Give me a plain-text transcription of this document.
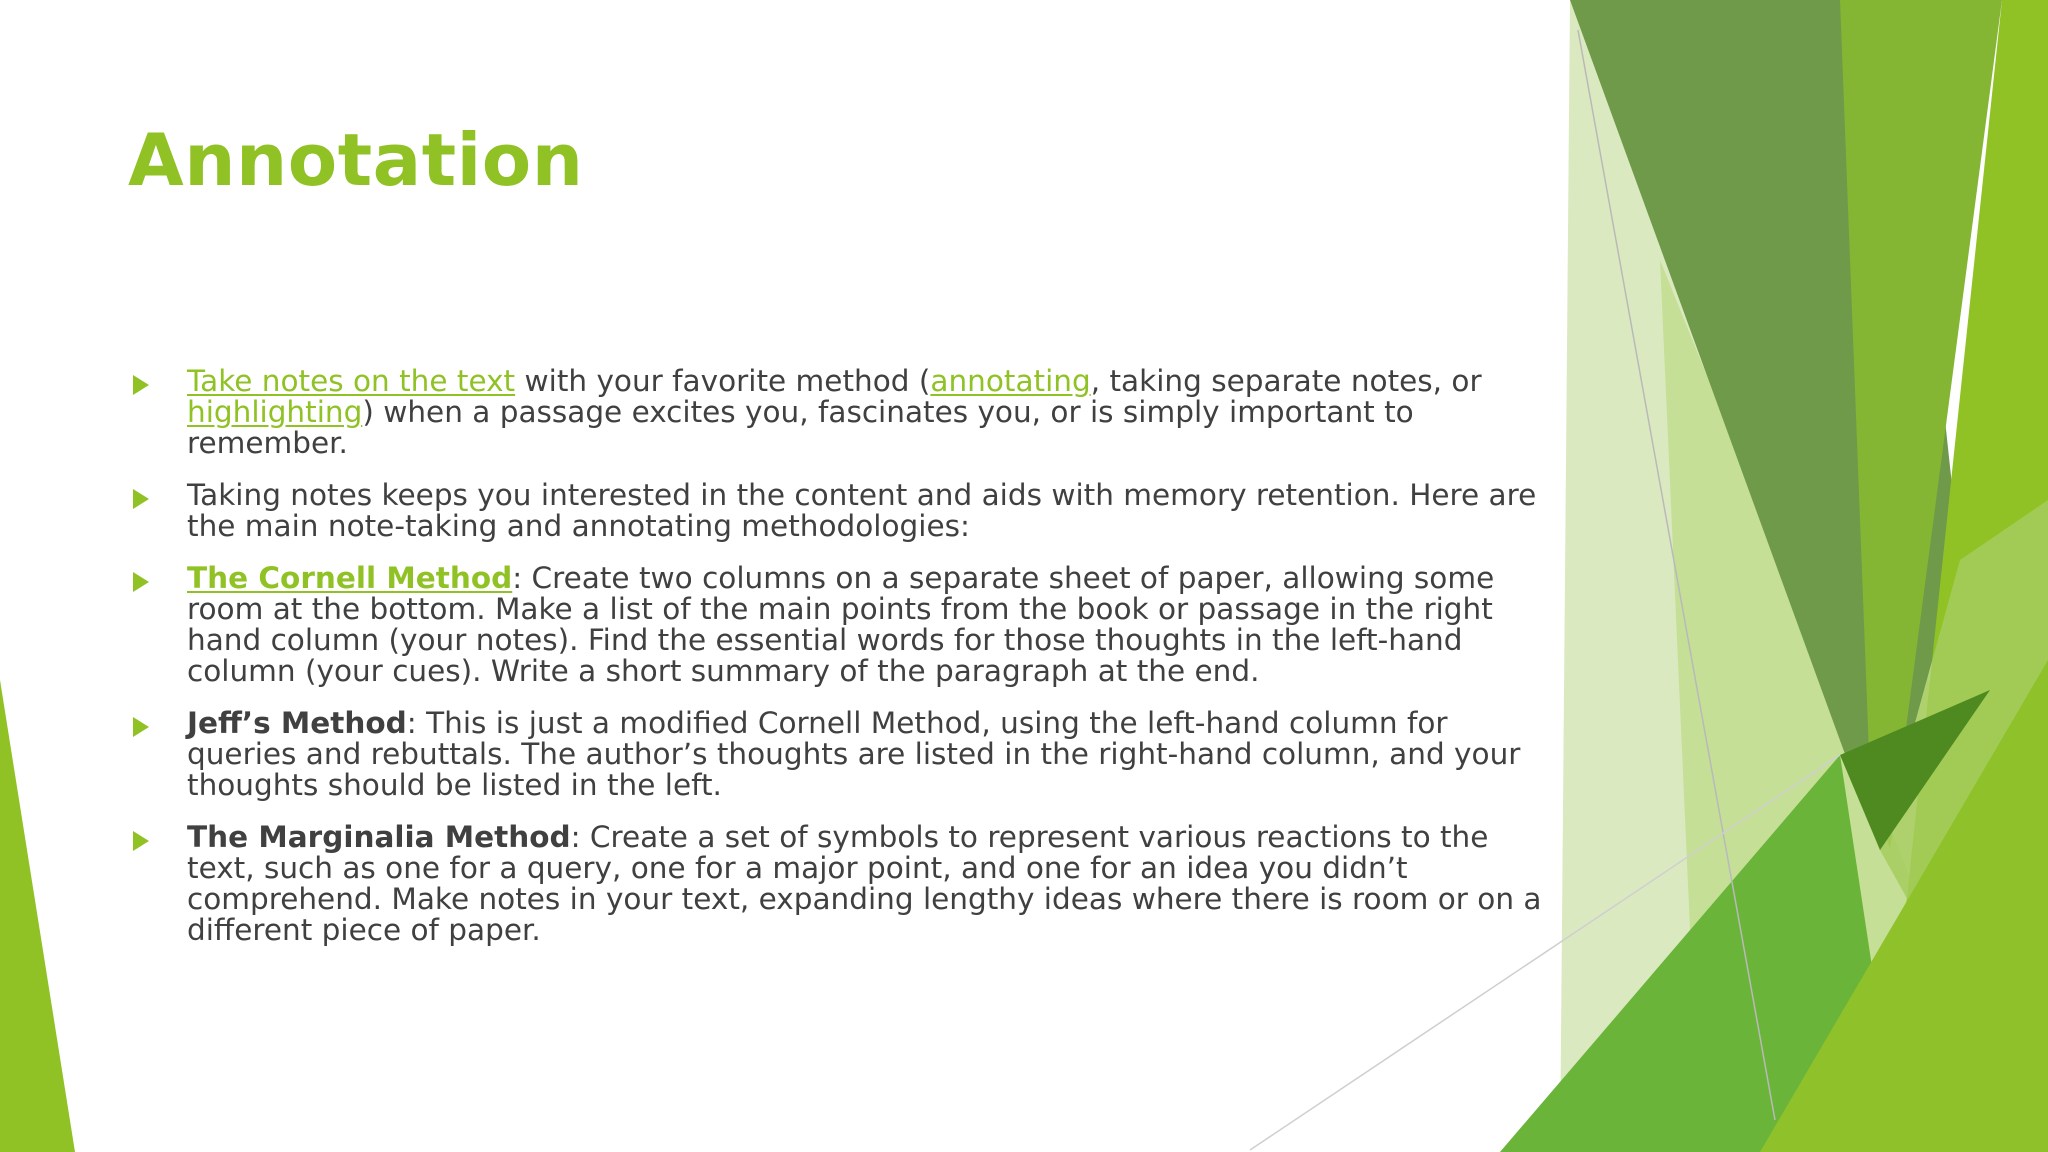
Annotation
Take notes on the text with your favorite method (annotating, taking separate notes, or highlighting) when a passage excites you, fascinates you, or is simply important to remember.
Taking notes keeps you interested in the content and aids with memory retention. Here are the main note-taking and annotating methodologies:
The Cornell Method: Create two columns on a separate sheet of paper, allowing some room at the bottom. Make a list of the main points from the book or passage in the right hand column (your notes). Find the essential words for those thoughts in the left-hand column (your cues). Write a short summary of the paragraph at the end.
Jeff’s Method: This is just a modified Cornell Method, using the left-hand column for queries and rebuttals. The author’s thoughts are listed in the right-hand column, and your thoughts should be listed in the left.
The Marginalia Method: Create a set of symbols to represent various reactions to the text, such as one for a query, one for a major point, and one for an idea you didn’t comprehend. Make notes in your text, expanding lengthy ideas where there is room or on a different piece of paper.
